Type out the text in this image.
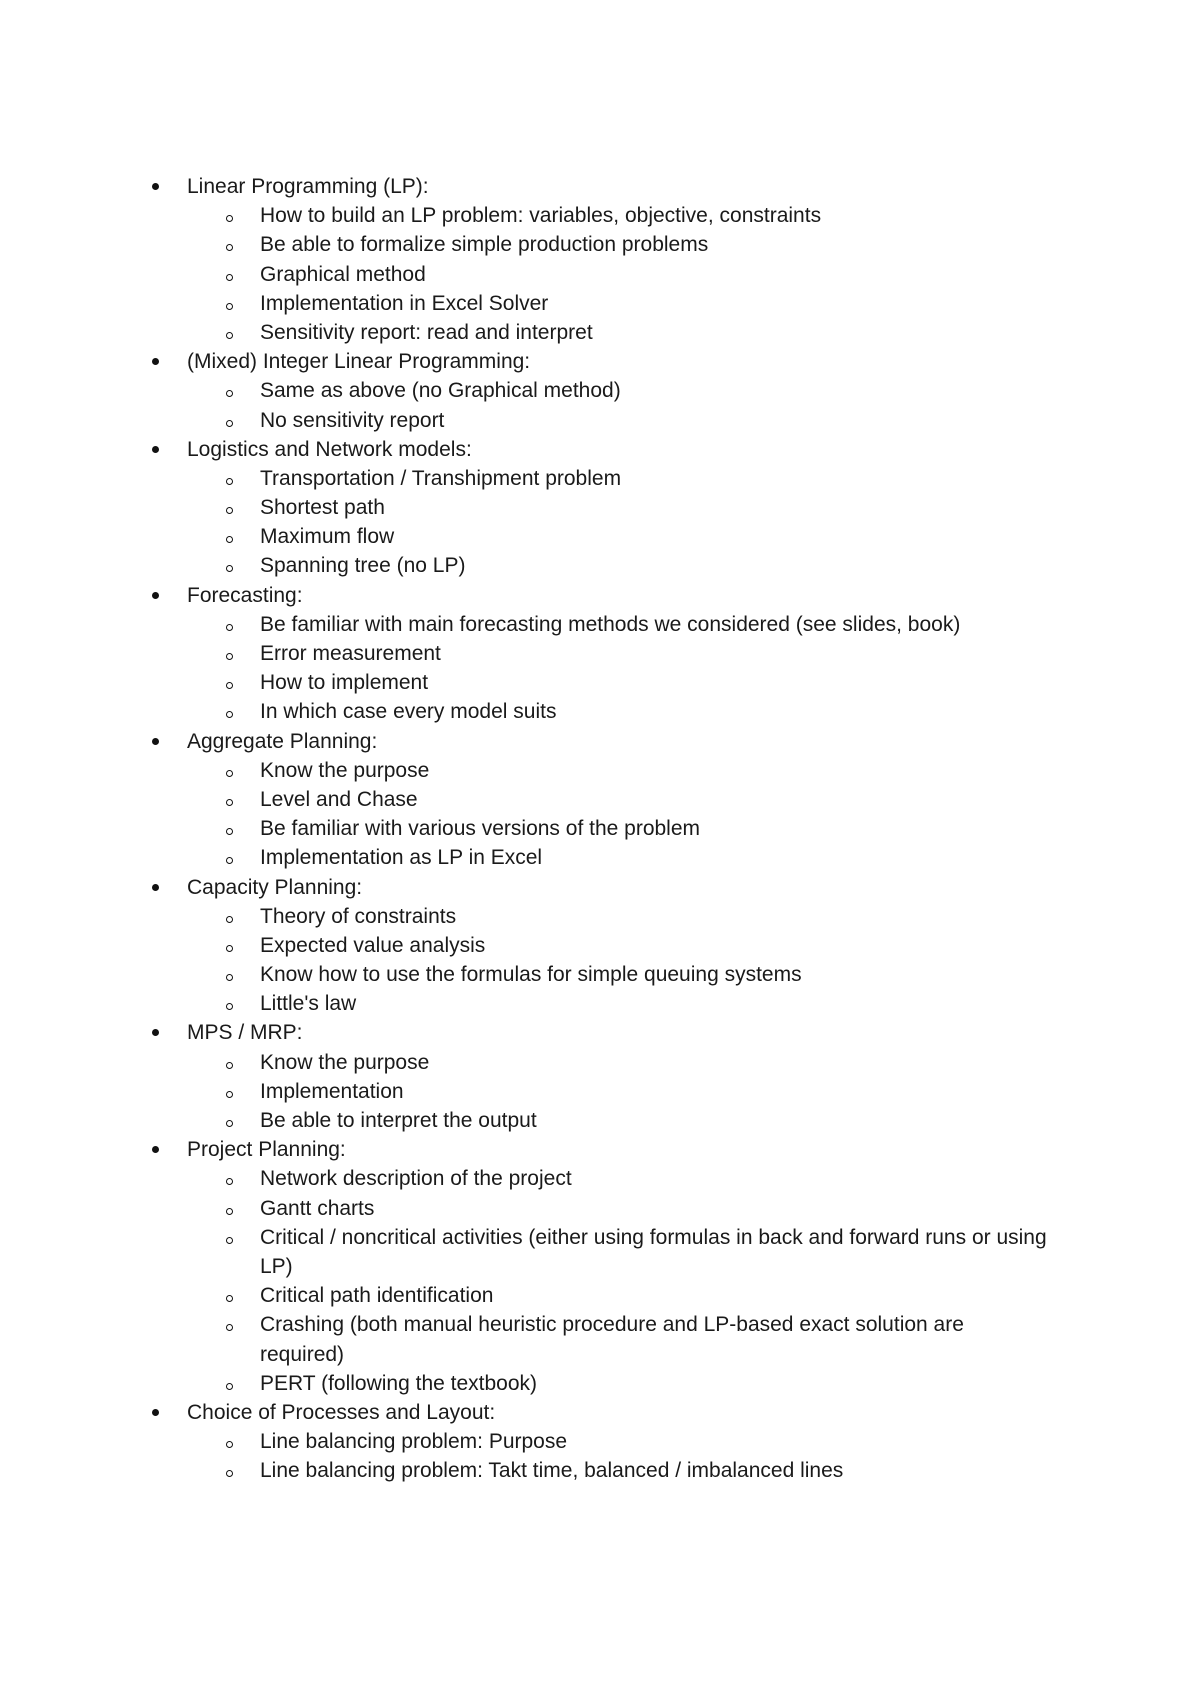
Linear Programming (LP):
How to build an LP problem: variables, objective, constraints
Be able to formalize simple production problems
Graphical method
Implementation in Excel Solver
Sensitivity report: read and interpret
(Mixed) Integer Linear Programming:
Same as above (no Graphical method)
No sensitivity report
Logistics and Network models:
Transportation / Transhipment problem
Shortest path
Maximum flow
Spanning tree (no LP)
Forecasting:
Be familiar with main forecasting methods we considered (see slides, book)
Error measurement
How to implement
In which case every model suits
Aggregate Planning:
Know the purpose
Level and Chase
Be familiar with various versions of the problem
Implementation as LP in Excel
Capacity Planning:
Theory of constraints
Expected value analysis
Know how to use the formulas for simple queuing systems
Little's law
MPS / MRP:
Know the purpose
Implementation
Be able to interpret the output
Project Planning:
Network description of the project
Gantt charts
Critical / noncritical activities (either using formulas in back and forward runs or using LP)
Critical path identification
Crashing (both manual heuristic procedure and LP-based exact solution are required)
PERT (following the textbook)
Choice of Processes and Layout:
Line balancing problem: Purpose
Line balancing problem: Takt time, balanced / imbalanced lines
